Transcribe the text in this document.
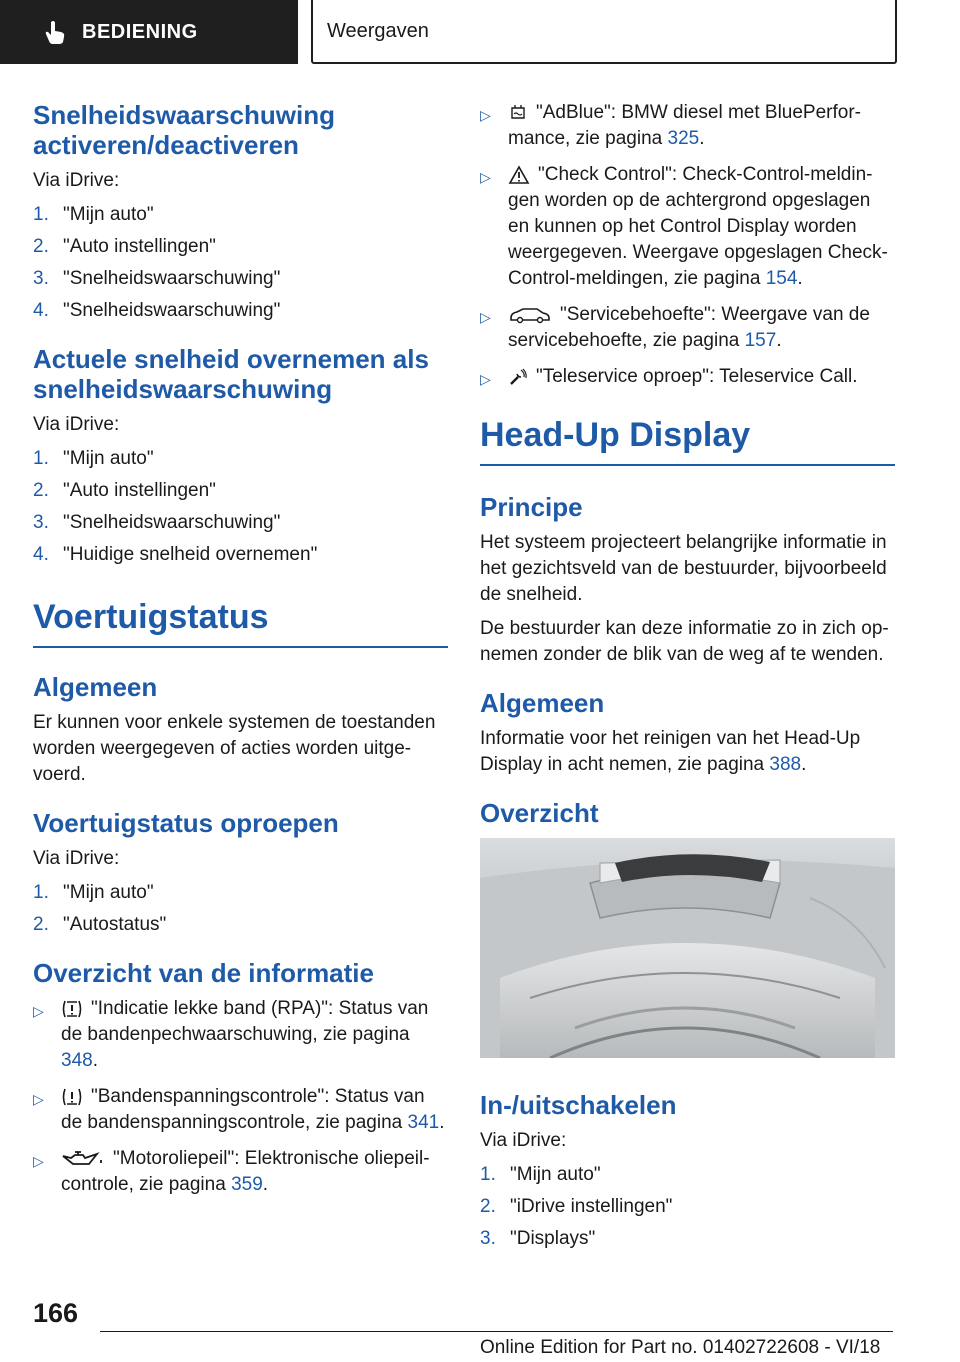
BEDIENING	Weergaven
Snelheidswaarschuwing activeren/deactiveren

Via iDrive:

1. "Mijn auto"
2. "Auto instellingen"
3. "Snelheidswaarschuwing"
4. "Snelheidswaarschuwing"
Actuele snelheid overnemen als snelheidswaarschuwing

Via iDrive:

1. "Mijn auto"
2. "Auto instellingen"
3. "Snelheidswaarschuwing"
4. "Huidige snelheid overnemen"
Voertuigstatus
Algemeen

Er kunnen voor enkele systemen de toestanden worden weergegeven of acties worden uitgevoerd.

Voertuigstatus oproepen

Via iDrive:

1. "Mijn auto"
2. "Autostatus"
Overzicht van de informatie
▷	"Indicatie lekke band (RPA)": Status van de bandenpechwaarschuwing, zie pagina 348.
▷	"Bandenspanningscontrole": Status van de bandenspanningscontrole, zie pagina 341.
▷	"Motoroliepeil": Elektronische oliepeilcontrole, zie pagina 359.
▷	"AdBlue": BMW diesel met BluePerformance, zie pagina 325.
▷	"Check Control": Check-Control-meldingen worden op de achtergrond opgeslagen en kunnen op het Control Display worden weergegeven. Weergave opgeslagen Check-Control-meldingen, zie pagina 154.
▷	"Servicebehoefte": Weergave van de servicebehoefte, zie pagina 157.
▷	"Teleservice oproep": Teleservice Call.
Head-Up Display
Principe

Het systeem projecteert belangrijke informatie in het gezichtsveld van de bestuurder, bijvoorbeeld de snelheid.

De bestuurder kan deze informatie zo in zich opnemen zonder de blik van de weg af te wenden.

Algemeen

Informatie voor het reinigen van het Head-Up Display in acht nemen, zie pagina 388.

Overzicht
In-/uitschakelen

Via iDrive:

1. "Mijn auto"
2. "iDrive instellingen"
3. "Displays"
166
Online Edition for Part no. 01402722608 - VI/18
